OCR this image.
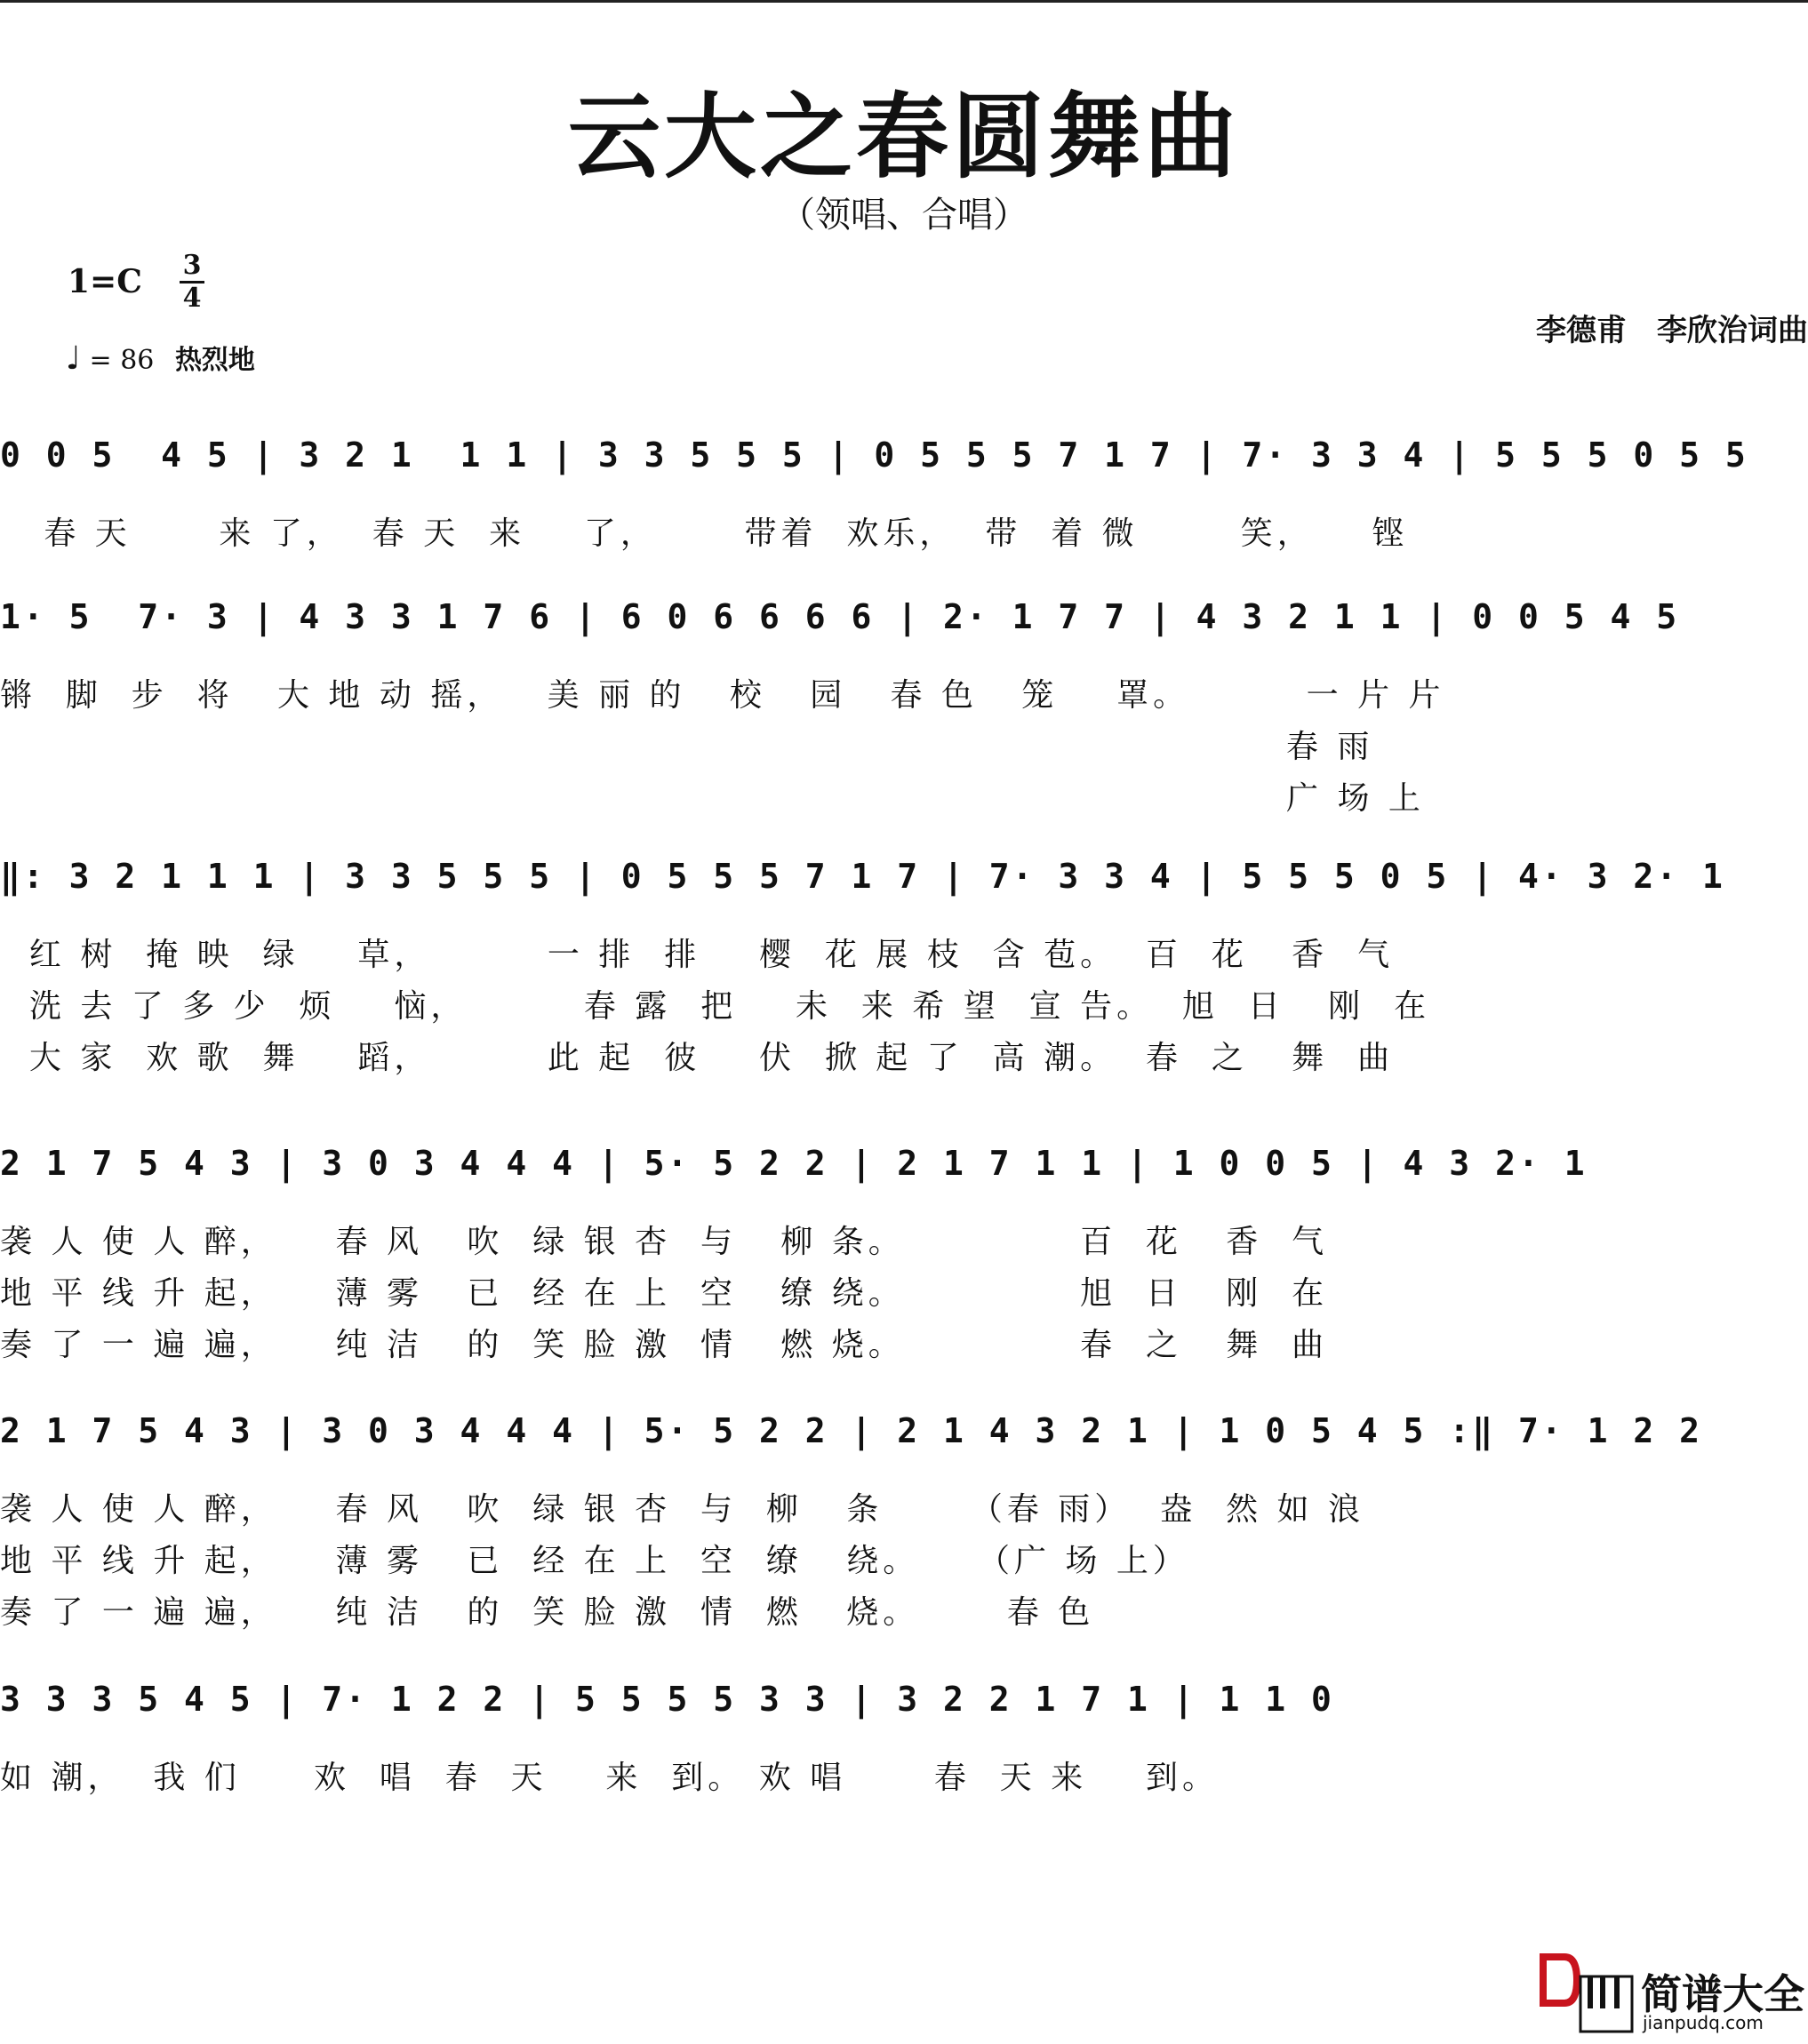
云大之春圆舞曲
（领唱、合唱）
1=C 3
4
♩ = 86 热烈地
李德甫　李欣治词曲
0 0 5  4 5 | 3 2 1  1 1 | 3 3 5 5 5 | 0 5 5 5 7 1 7 | 7· 3 3 4 | 5 5 5 0 5 5
春 天      来 了，  春 天  来    了，      带着  欢乐，  带  着 微       笑，    铿
1· 5  7· 3 | 4 3 3 1 7 6 | 6 0 6 6 6 6 | 2· 1 7 7 | 4 3 2 1 1 | 0 0 5 4 5
锵  脚  步  将   大 地 动 摇，   美 丽 的   校   园   春 色   笼    罩。        一 片 片
春 雨
广 场 上
‖: 3 2 1 1 1 | 3 3 5 5 5 | 0 5 5 5 7 1 7 | 7· 3 3 4 | 5 5 5 0 5 | 4· 3 2· 1
红 树  掩 映  绿    草，        一 排  排    樱  花 展 枝  含 苞。  百  花   香  气
洗 去 了 多 少  烦    恼，        春 露  把    未  来 希 望  宣 告。  旭  日   刚  在
大 家  欢 歌  舞    蹈，        此 起  彼    伏  掀 起 了  高 潮。  春  之   舞  曲
2 1 7 5 4 3 | 3 0 3 4 4 4 | 5· 5 2 2 | 2 1 7 1 1 | 1 0 0 5 | 4 3 2· 1
袭 人 使 人 醉，    春 风   吹  绿 银 杏  与   柳 条。            百  花   香  气
地 平 线 升 起，    薄 雾   已  经 在 上  空   缭 绕。            旭  日   刚  在
奏 了 一 遍 遍，    纯 洁   的  笑 脸 激  情   燃 烧。            春  之   舞  曲
2 1 7 5 4 3 | 3 0 3 4 4 4 | 5· 5 2 2 | 2 1 4 3 2 1 | 1 0 5 4 5 :‖ 7· 1 2 2
袭 人 使 人 醉，    春 风   吹  绿 银 杏  与  柳   条      （春 雨）  盎  然 如 浪
地 平 线 升 起，    薄 雾   已  经 在 上  空  缭   绕。    （广 场 上）
奏 了 一 遍 遍，    纯 洁   的  笑 脸 激  情  燃   烧。      春 色
3 3 3 5 4 5 | 7· 1 2 2 | 5 5 5 5 3 3 | 3 2 2 1 7 1 | 1 1 0
如 潮，  我 们     欢  唱  春  天    来  到。 欢 唱      春  天 来    到。
简谱大全
jianpudq.com
